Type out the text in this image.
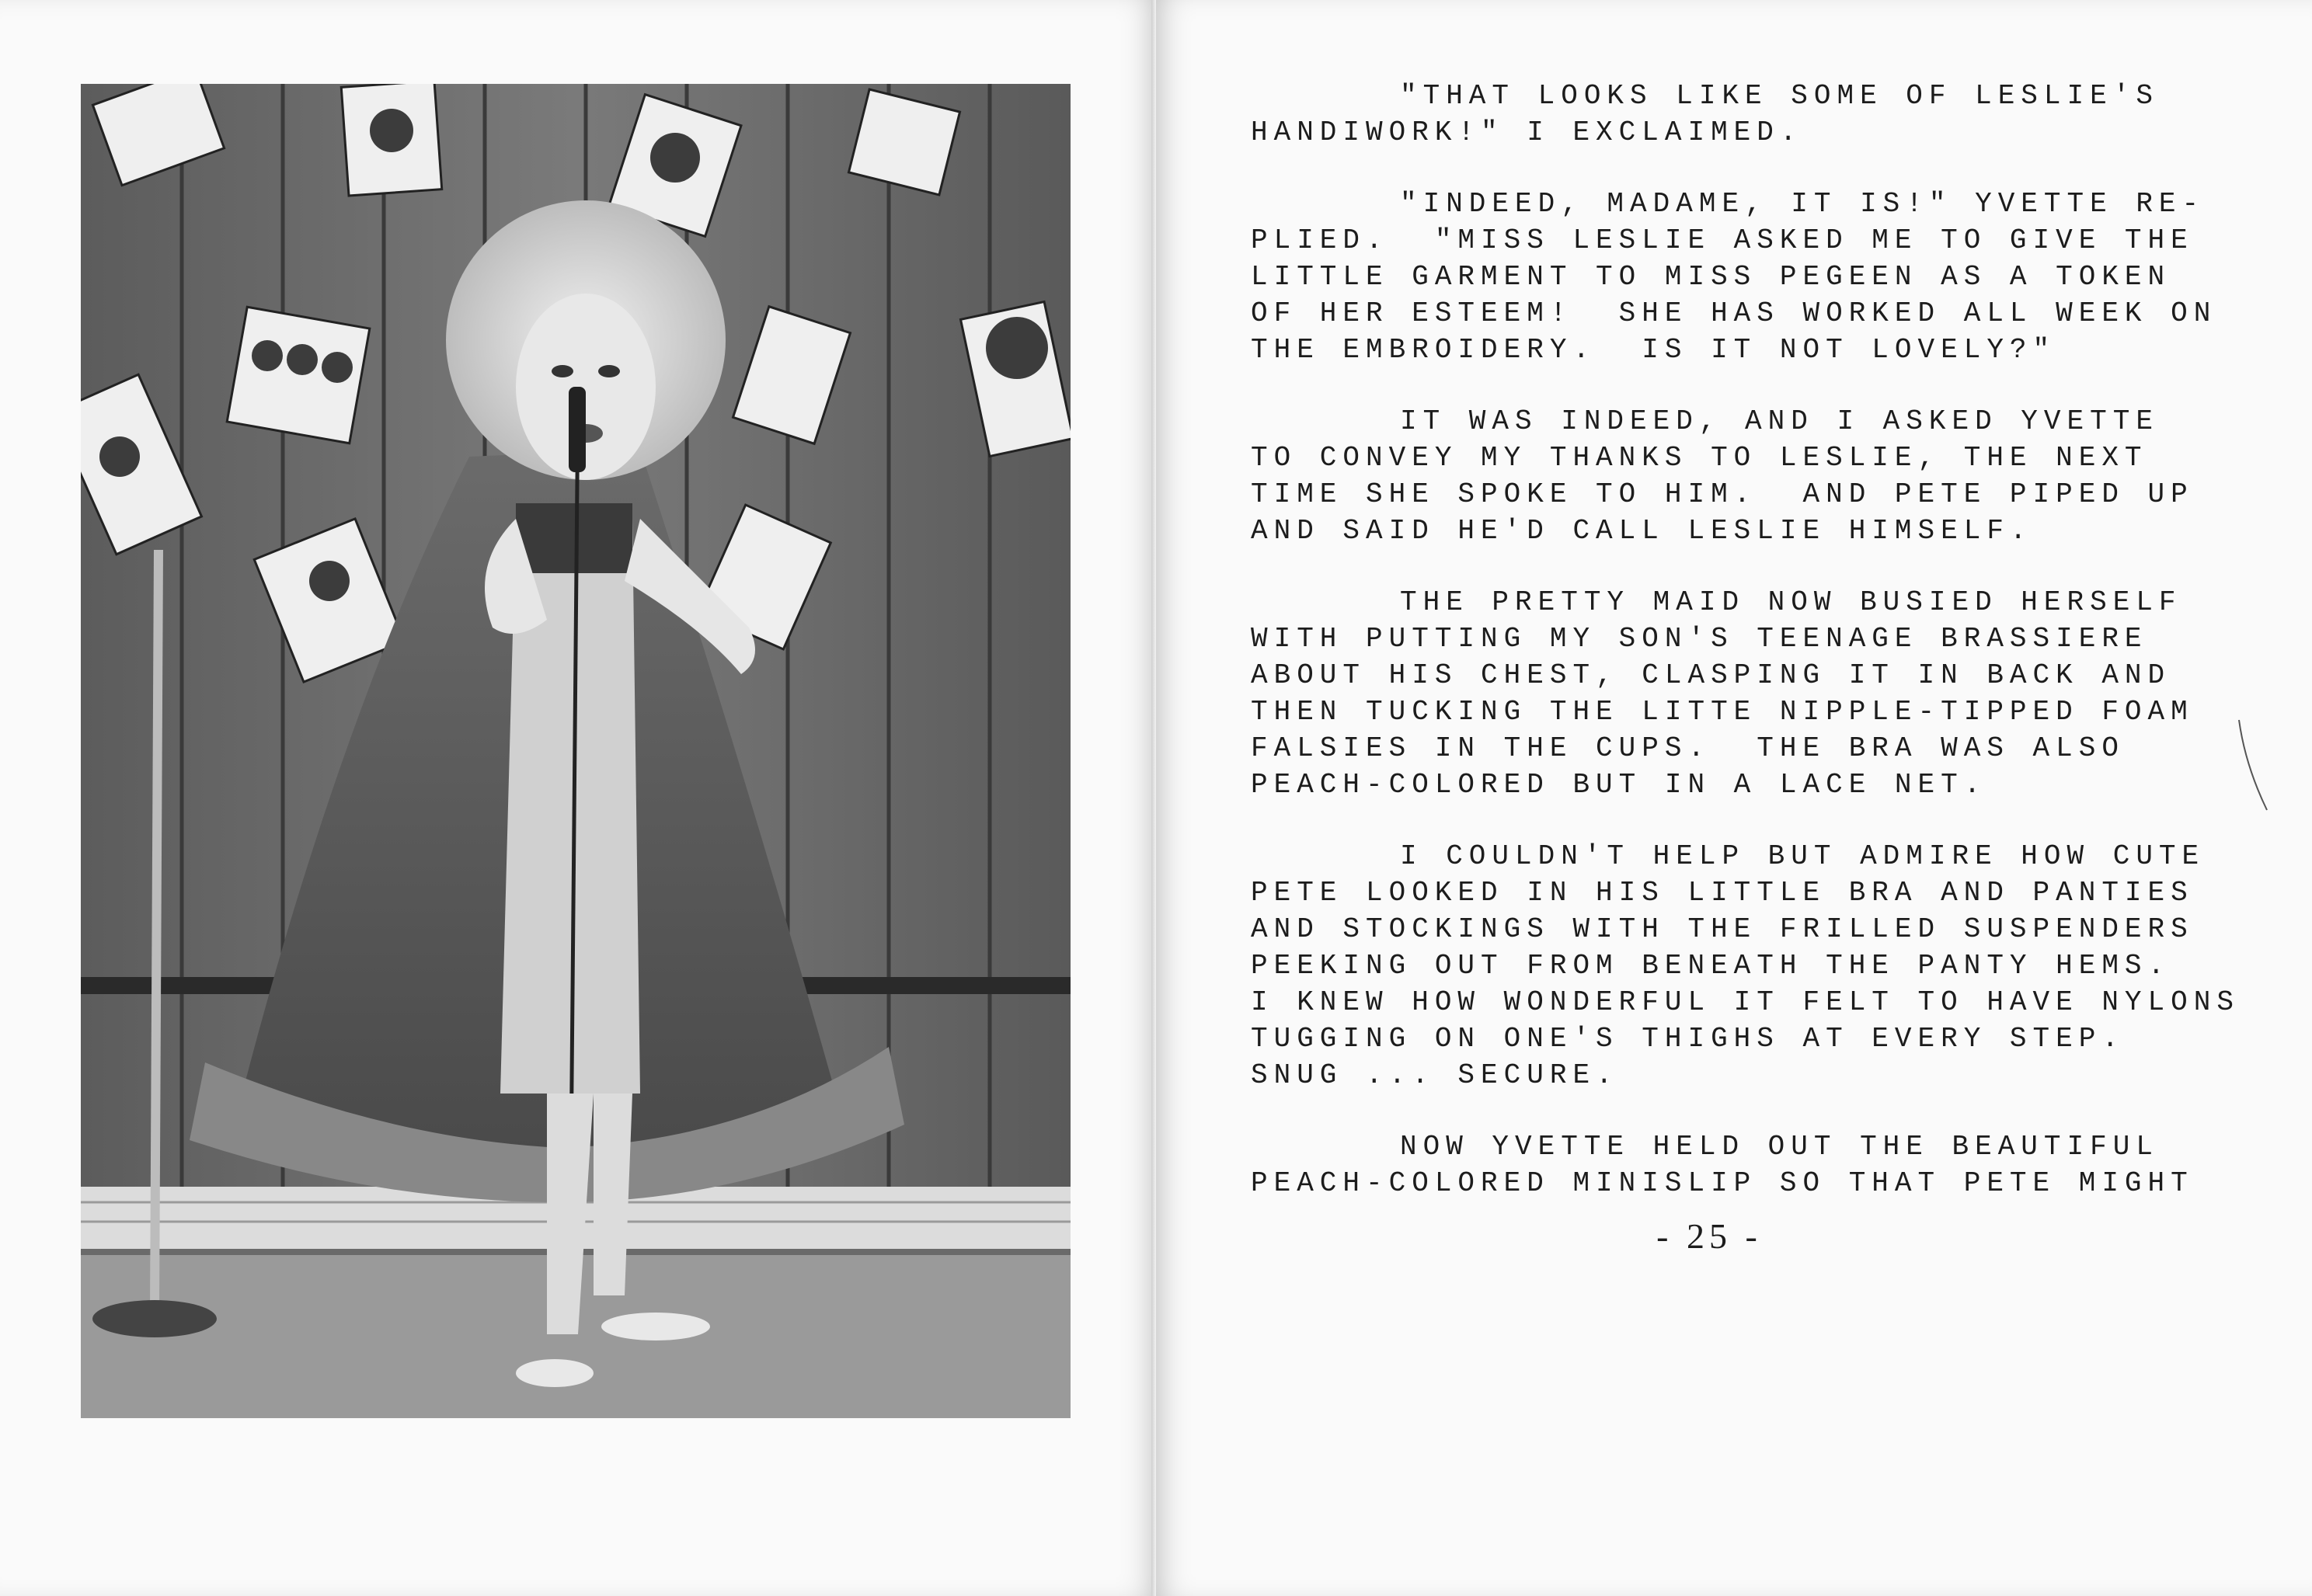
"THAT LOOKS LIKE SOME OF LESLIE'S
HANDIWORK!" I EXCLAIMED.
"INDEED, MADAME, IT IS!" YVETTE RE-
PLIED.  "MISS LESLIE ASKED ME TO GIVE THE
LITTLE GARMENT TO MISS PEGEEN AS A TOKEN
OF HER ESTEEM!  SHE HAS WORKED ALL WEEK ON
THE EMBROIDERY.  IS IT NOT LOVELY?"
IT WAS INDEED, AND I ASKED YVETTE
TO CONVEY MY THANKS TO LESLIE, THE NEXT
TIME SHE SPOKE TO HIM.  AND PETE PIPED UP
AND SAID HE'D CALL LESLIE HIMSELF.
THE PRETTY MAID NOW BUSIED HERSELF
WITH PUTTING MY SON'S TEENAGE BRASSIERE
ABOUT HIS CHEST, CLASPING IT IN BACK AND
THEN TUCKING THE LITTE NIPPLE-TIPPED FOAM
FALSIES IN THE CUPS.  THE BRA WAS ALSO
PEACH-COLORED BUT IN A LACE NET.
I COULDN'T HELP BUT ADMIRE HOW CUTE
PETE LOOKED IN HIS LITTLE BRA AND PANTIES
AND STOCKINGS WITH THE FRILLED SUSPENDERS
PEEKING OUT FROM BENEATH THE PANTY HEMS.
I KNEW HOW WONDERFUL IT FELT TO HAVE NYLONS
TUGGING ON ONE'S THIGHS AT EVERY STEP.
SNUG ... SECURE.
NOW YVETTE HELD OUT THE BEAUTIFUL
PEACH-COLORED MINISLIP SO THAT PETE MIGHT
- 25 -
